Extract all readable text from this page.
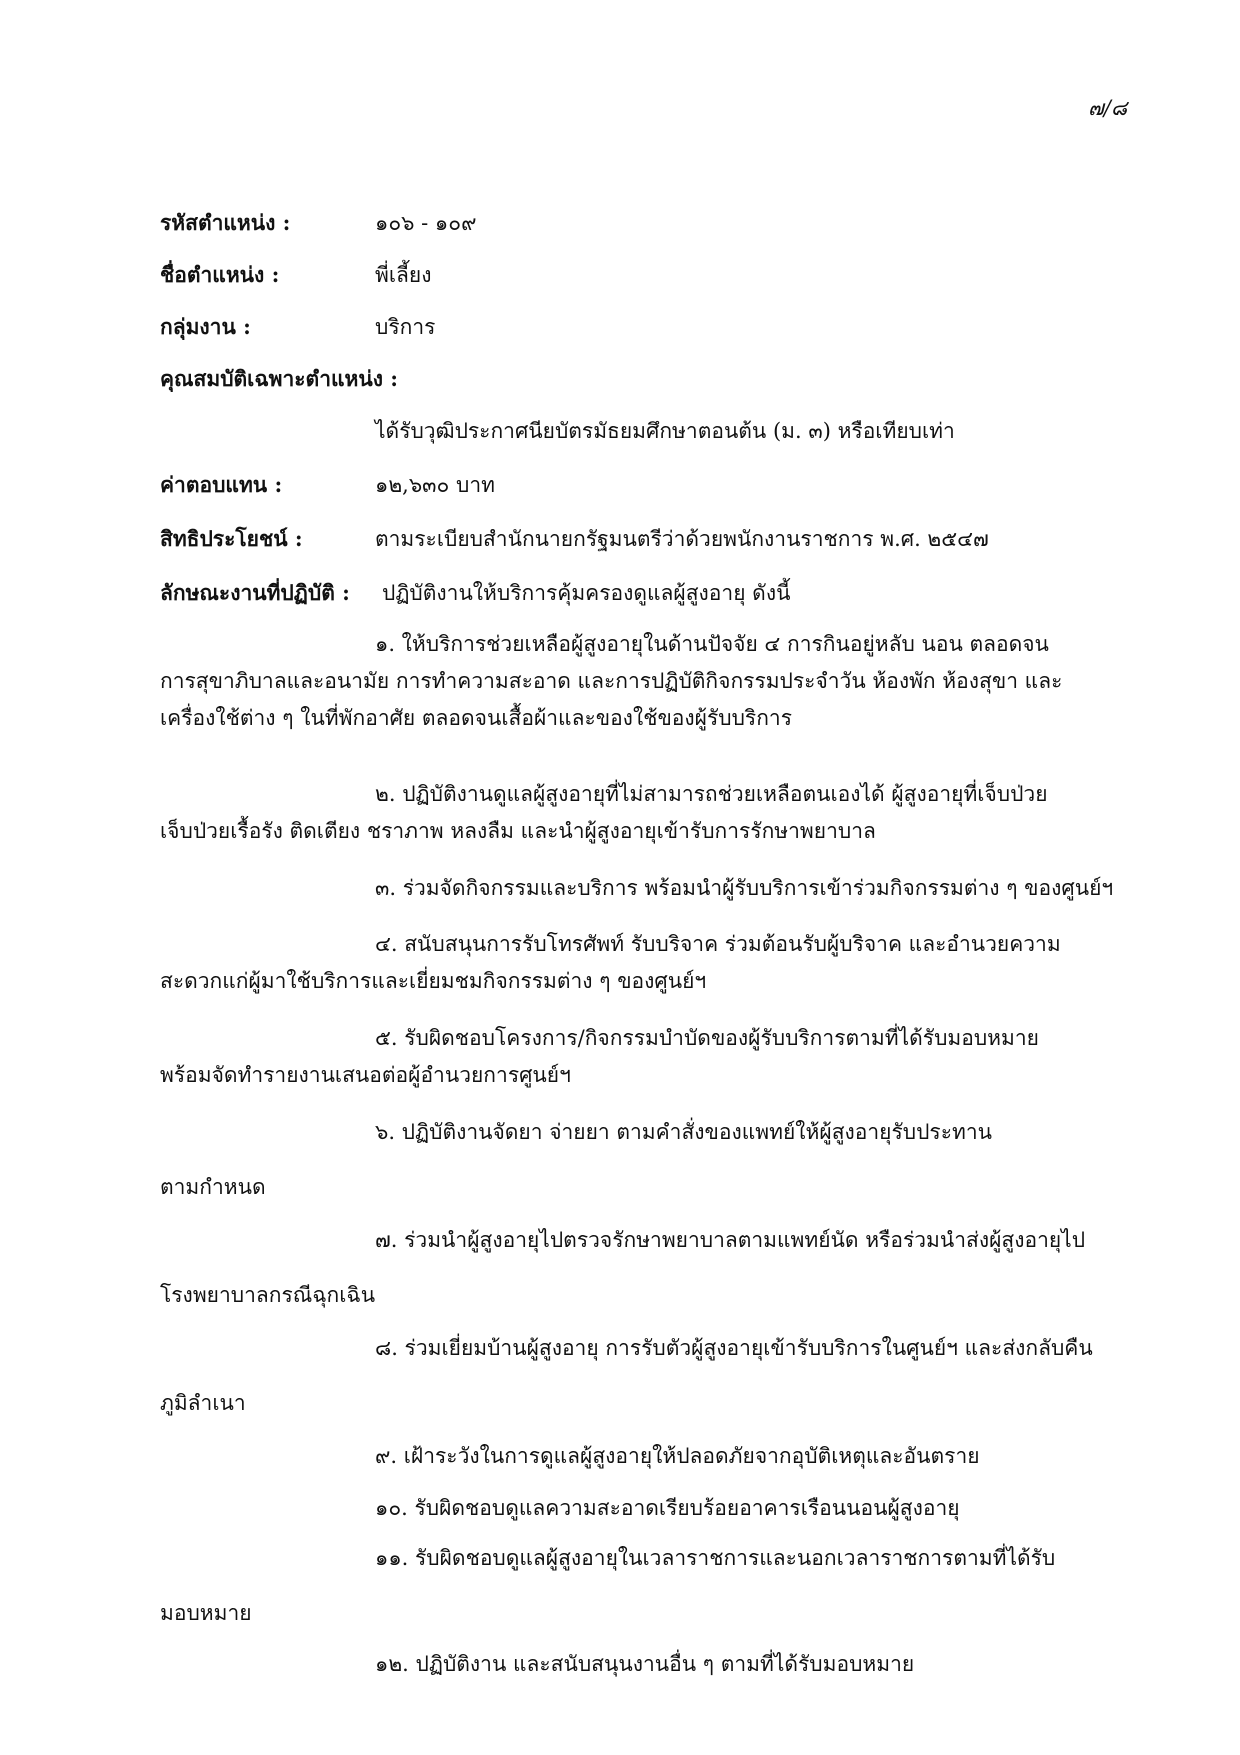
๗/๘
รหัสตำแหน่ง :	๑๐๖ - ๑๐๙
ชื่อตำแหน่ง :	พี่เลี้ยง
กลุ่มงาน :	บริการ
คุณสมบัติเฉพาะตำแหน่ง :
ได้รับวุฒิประกาศนียบัตรมัธยมศึกษาตอนต้น (ม. ๓) หรือเทียบเท่า
ค่าตอบแทน :	๑๒,๖๓๐ บาท
สิทธิประโยชน์ :	ตามระเบียบสำนักนายกรัฐมนตรีว่าด้วยพนักงานราชการ พ.ศ. ๒๕๔๗
ลักษณะงานที่ปฏิบัติ : ปฏิบัติงานให้บริการคุ้มครองดูแลผู้สูงอายุ ดังนี้
๑. ให้บริการช่วยเหลือผู้สูงอายุในด้านปัจจัย ๔ การกินอยู่หลับ นอน ตลอดจน
การสุขาภิบาลและอนามัย การทำความสะอาด และการปฏิบัติกิจกรรมประจำวัน ห้องพัก ห้องสุขา และ
เครื่องใช้ต่าง ๆ ในที่พักอาศัย ตลอดจนเสื้อผ้าและของใช้ของผู้รับบริการ
๒. ปฏิบัติงานดูแลผู้สูงอายุที่ไม่สามารถช่วยเหลือตนเองได้ ผู้สูงอายุที่เจ็บป่วย
เจ็บป่วยเรื้อรัง ติดเตียง ชราภาพ หลงลืม และนำผู้สูงอายุเข้ารับการรักษาพยาบาล
๓. ร่วมจัดกิจกรรมและบริการ พร้อมนำผู้รับบริการเข้าร่วมกิจกรรมต่าง ๆ ของศูนย์ฯ
๔. สนับสนุนการรับโทรศัพท์ รับบริจาค ร่วมต้อนรับผู้บริจาค และอำนวยความ
สะดวกแก่ผู้มาใช้บริการและเยี่ยมชมกิจกรรมต่าง ๆ ของศูนย์ฯ
๕. รับผิดชอบโครงการ/กิจกรรมบำบัดของผู้รับบริการตามที่ได้รับมอบหมาย
พร้อมจัดทำรายงานเสนอต่อผู้อำนวยการศูนย์ฯ
๖. ปฏิบัติงานจัดยา จ่ายยา ตามคำสั่งของแพทย์ให้ผู้สูงอายุรับประทาน
ตามกำหนด
๗. ร่วมนำผู้สูงอายุไปตรวจรักษาพยาบาลตามแพทย์นัด หรือร่วมนำส่งผู้สูงอายุไป
โรงพยาบาลกรณีฉุกเฉิน
๘. ร่วมเยี่ยมบ้านผู้สูงอายุ การรับตัวผู้สูงอายุเข้ารับบริการในศูนย์ฯ และส่งกลับคืน
ภูมิลำเนา
๙. เฝ้าระวังในการดูแลผู้สูงอายุให้ปลอดภัยจากอุบัติเหตุและอันตราย
๑๐. รับผิดชอบดูแลความสะอาดเรียบร้อยอาคารเรือนนอนผู้สูงอายุ
๑๑. รับผิดชอบดูแลผู้สูงอายุในเวลาราชการและนอกเวลาราชการตามที่ได้รับ
มอบหมาย
๑๒. ปฏิบัติงาน และสนับสนุนงานอื่น ๆ ตามที่ได้รับมอบหมาย
